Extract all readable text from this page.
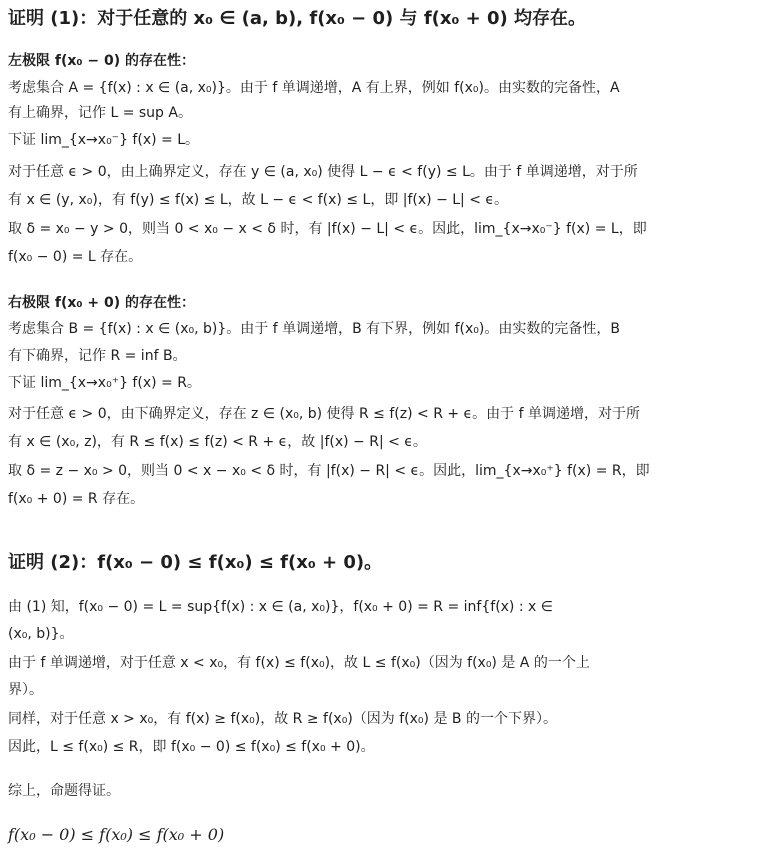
证明 (1)：对于任意的 x₀ ∈ (a, b), f(x₀ − 0) 与 f(x₀ + 0) 均存在。
左极限 f(x₀ − 0) 的存在性：
考虑集合 A = {f(x) : x ∈ (a, x₀)}。由于 f 单调递增，A 有上界，例如 f(x₀)。由实数的完备性，A
有上确界，记作 L = sup A。
下证 lim_{x→x₀⁻} f(x) = L。
对于任意 ϵ > 0，由上确界定义，存在 y ∈ (a, x₀) 使得 L − ϵ < f(y) ≤ L。由于 f 单调递增，对于所
有 x ∈ (y, x₀)，有 f(y) ≤ f(x) ≤ L，故 L − ϵ < f(x) ≤ L，即 |f(x) − L| < ϵ。
取 δ = x₀ − y > 0，则当 0 < x₀ − x < δ 时，有 |f(x) − L| < ϵ。因此，lim_{x→x₀⁻} f(x) = L，即
f(x₀ − 0) = L 存在。
右极限 f(x₀ + 0) 的存在性：
考虑集合 B = {f(x) : x ∈ (x₀, b)}。由于 f 单调递增，B 有下界，例如 f(x₀)。由实数的完备性，B
有下确界，记作 R = inf B。
下证 lim_{x→x₀⁺} f(x) = R。
对于任意 ϵ > 0，由下确界定义，存在 z ∈ (x₀, b) 使得 R ≤ f(z) < R + ϵ。由于 f 单调递增，对于所
有 x ∈ (x₀, z)，有 R ≤ f(x) ≤ f(z) < R + ϵ，故 |f(x) − R| < ϵ。
取 δ = z − x₀ > 0，则当 0 < x − x₀ < δ 时，有 |f(x) − R| < ϵ。因此，lim_{x→x₀⁺} f(x) = R，即
f(x₀ + 0) = R 存在。
证明 (2)：f(x₀ − 0) ≤ f(x₀) ≤ f(x₀ + 0)。
由 (1) 知，f(x₀ − 0) = L = sup{f(x) : x ∈ (a, x₀)}，f(x₀ + 0) = R = inf{f(x) : x ∈
(x₀, b)}。
由于 f 单调递增，对于任意 x < x₀，有 f(x) ≤ f(x₀)，故 L ≤ f(x₀)（因为 f(x₀) 是 A 的一个上
界）。
同样，对于任意 x > x₀，有 f(x) ≥ f(x₀)，故 R ≥ f(x₀)（因为 f(x₀) 是 B 的一个下界）。
因此，L ≤ f(x₀) ≤ R，即 f(x₀ − 0) ≤ f(x₀) ≤ f(x₀ + 0)。
综上，命题得证。
f(x₀ − 0) ≤ f(x₀) ≤ f(x₀ + 0)
